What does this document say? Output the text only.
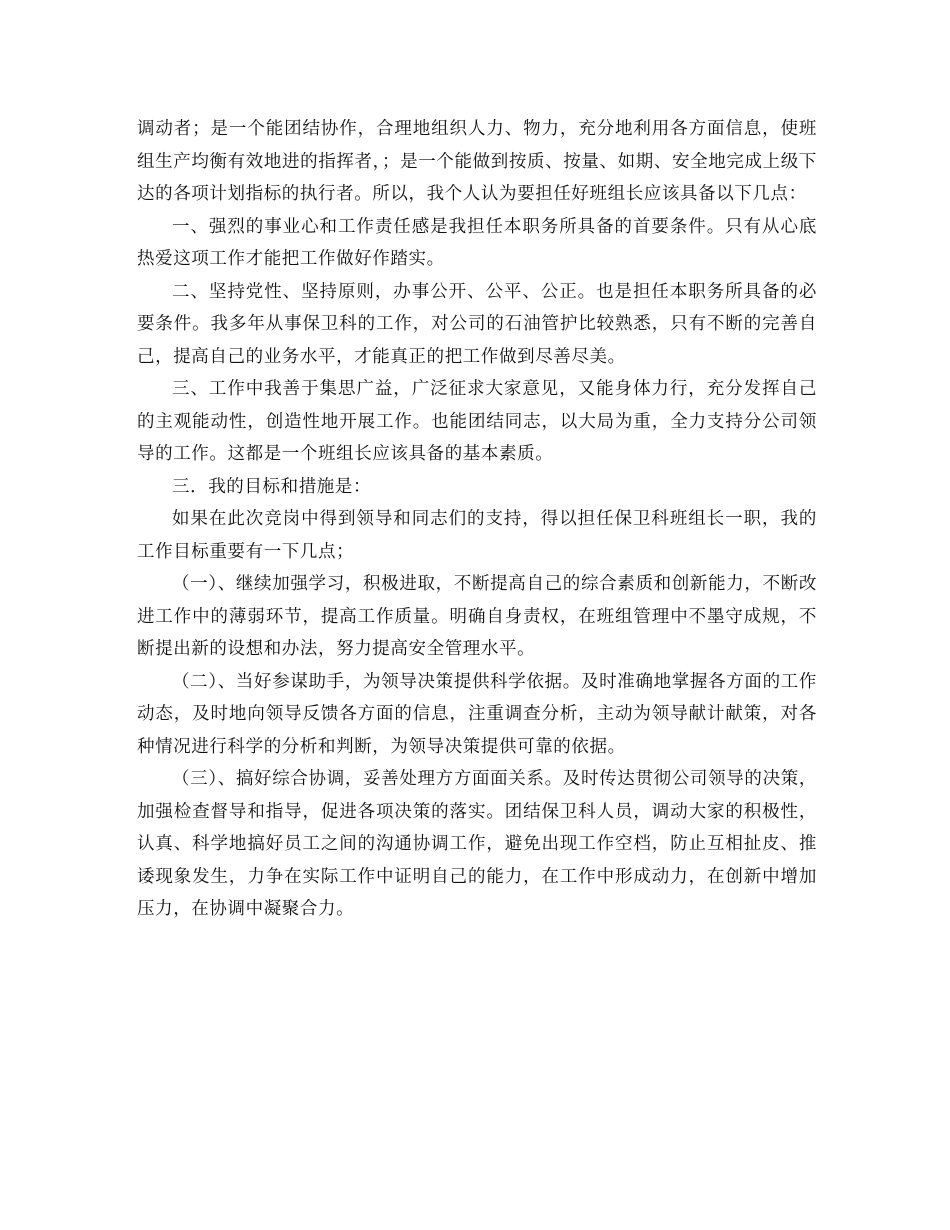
调动者；是一个能团结协作，合理地组织人力、物力，充分地利用各方面信息，使班组生产均衡有效地进的指挥者，；是一个能做到按质、按量、如期、安全地完成上级下达的各项计划指标的执行者。所以，我个人认为要担任好班组长应该具备以下几点：

一、强烈的事业心和工作责任感是我担任本职务所具备的首要条件。只有从心底热爱这项工作才能把工作做好作踏实。

二、坚持党性、坚持原则，办事公开、公平、公正。也是担任本职务所具备的必要条件。我多年从事保卫科的工作，对公司的石油管护比较熟悉，只有不断的完善自己，提高自己的业务水平，才能真正的把工作做到尽善尽美。

三、工作中我善于集思广益，广泛征求大家意见，又能身体力行，充分发挥自己的主观能动性，创造性地开展工作。也能团结同志，以大局为重，全力支持分公司领导的工作。这都是一个班组长应该具备的基本素质。

三．我的目标和措施是：

如果在此次竞岗中得到领导和同志们的支持，得以担任保卫科班组长一职，我的工作目标重要有一下几点；

（一）、继续加强学习，积极进取，不断提高自己的综合素质和创新能力，不断改进工作中的薄弱环节，提高工作质量。明确自身责权，在班组管理中不墨守成规，不断提出新的设想和办法，努力提高安全管理水平。

（二）、当好参谋助手，为领导决策提供科学依据。及时准确地掌握各方面的工作动态，及时地向领导反馈各方面的信息，注重调查分析，主动为领导献计献策，对各种情况进行科学的分析和判断，为领导决策提供可靠的依据。

（三）、搞好综合协调，妥善处理方方面面关系。及时传达贯彻公司领导的决策，加强检查督导和指导，促进各项决策的落实。团结保卫科人员，调动大家的积极性，认真、科学地搞好员工之间的沟通协调工作，避免出现工作空档，防止互相扯皮、推诿现象发生，力争在实际工作中证明自己的能力，在工作中形成动力，在创新中增加压力，在协调中凝聚合力。
